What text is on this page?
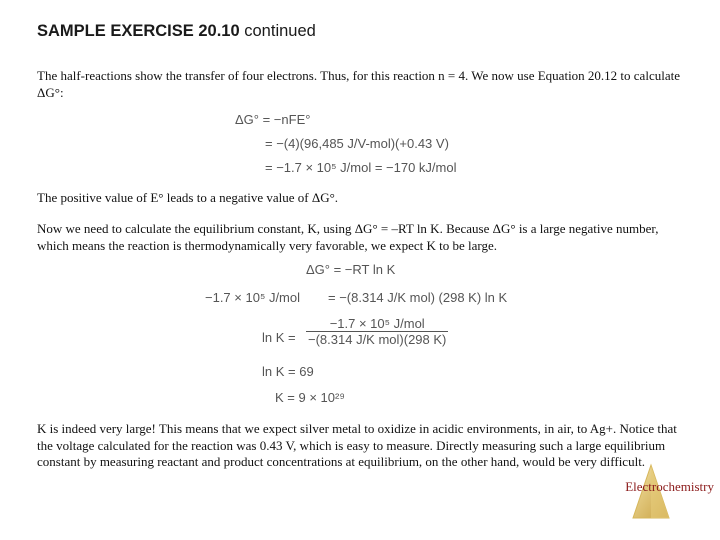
SAMPLE EXERCISE 20.10 continued
The half-reactions show the transfer of four electrons. Thus, for this reaction n = 4. We now use Equation 20.12 to calculate ΔG°:
ΔG° = −nFE°
= −(4)(96,485 J/V-mol)(+0.43 V)
= −1.7 × 10⁵ J/mol = −170 kJ/mol
The positive value of E° leads to a negative value of ΔG°.
Now we need to calculate the equilibrium constant, K, using ΔG° = –RT ln K. Because ΔG° is a large negative number, which means the reaction is thermodynamically very favorable, we expect K to be large.
ΔG° = −RT ln K
−1.7 × 10⁵ J/mol = −(8.314 J/K mol) (298 K) ln K
$\ln K = \frac{\text{−1.7 × 10⁵ J/mol}}{\text{−(8.314 J/K mol)(298 K)}}$
ln K = 69
K = 9 × 10²⁹
K is indeed very large! This means that we expect silver metal to oxidize in acidic environments, in air, to Ag+. Notice that the voltage calculated for the reaction was 0.43 V, which is easy to measure. Directly measuring such a large equilibrium constant by measuring reactant and product concentrations at equilibrium, on the other hand, would be very difficult.
Electrochemistry
